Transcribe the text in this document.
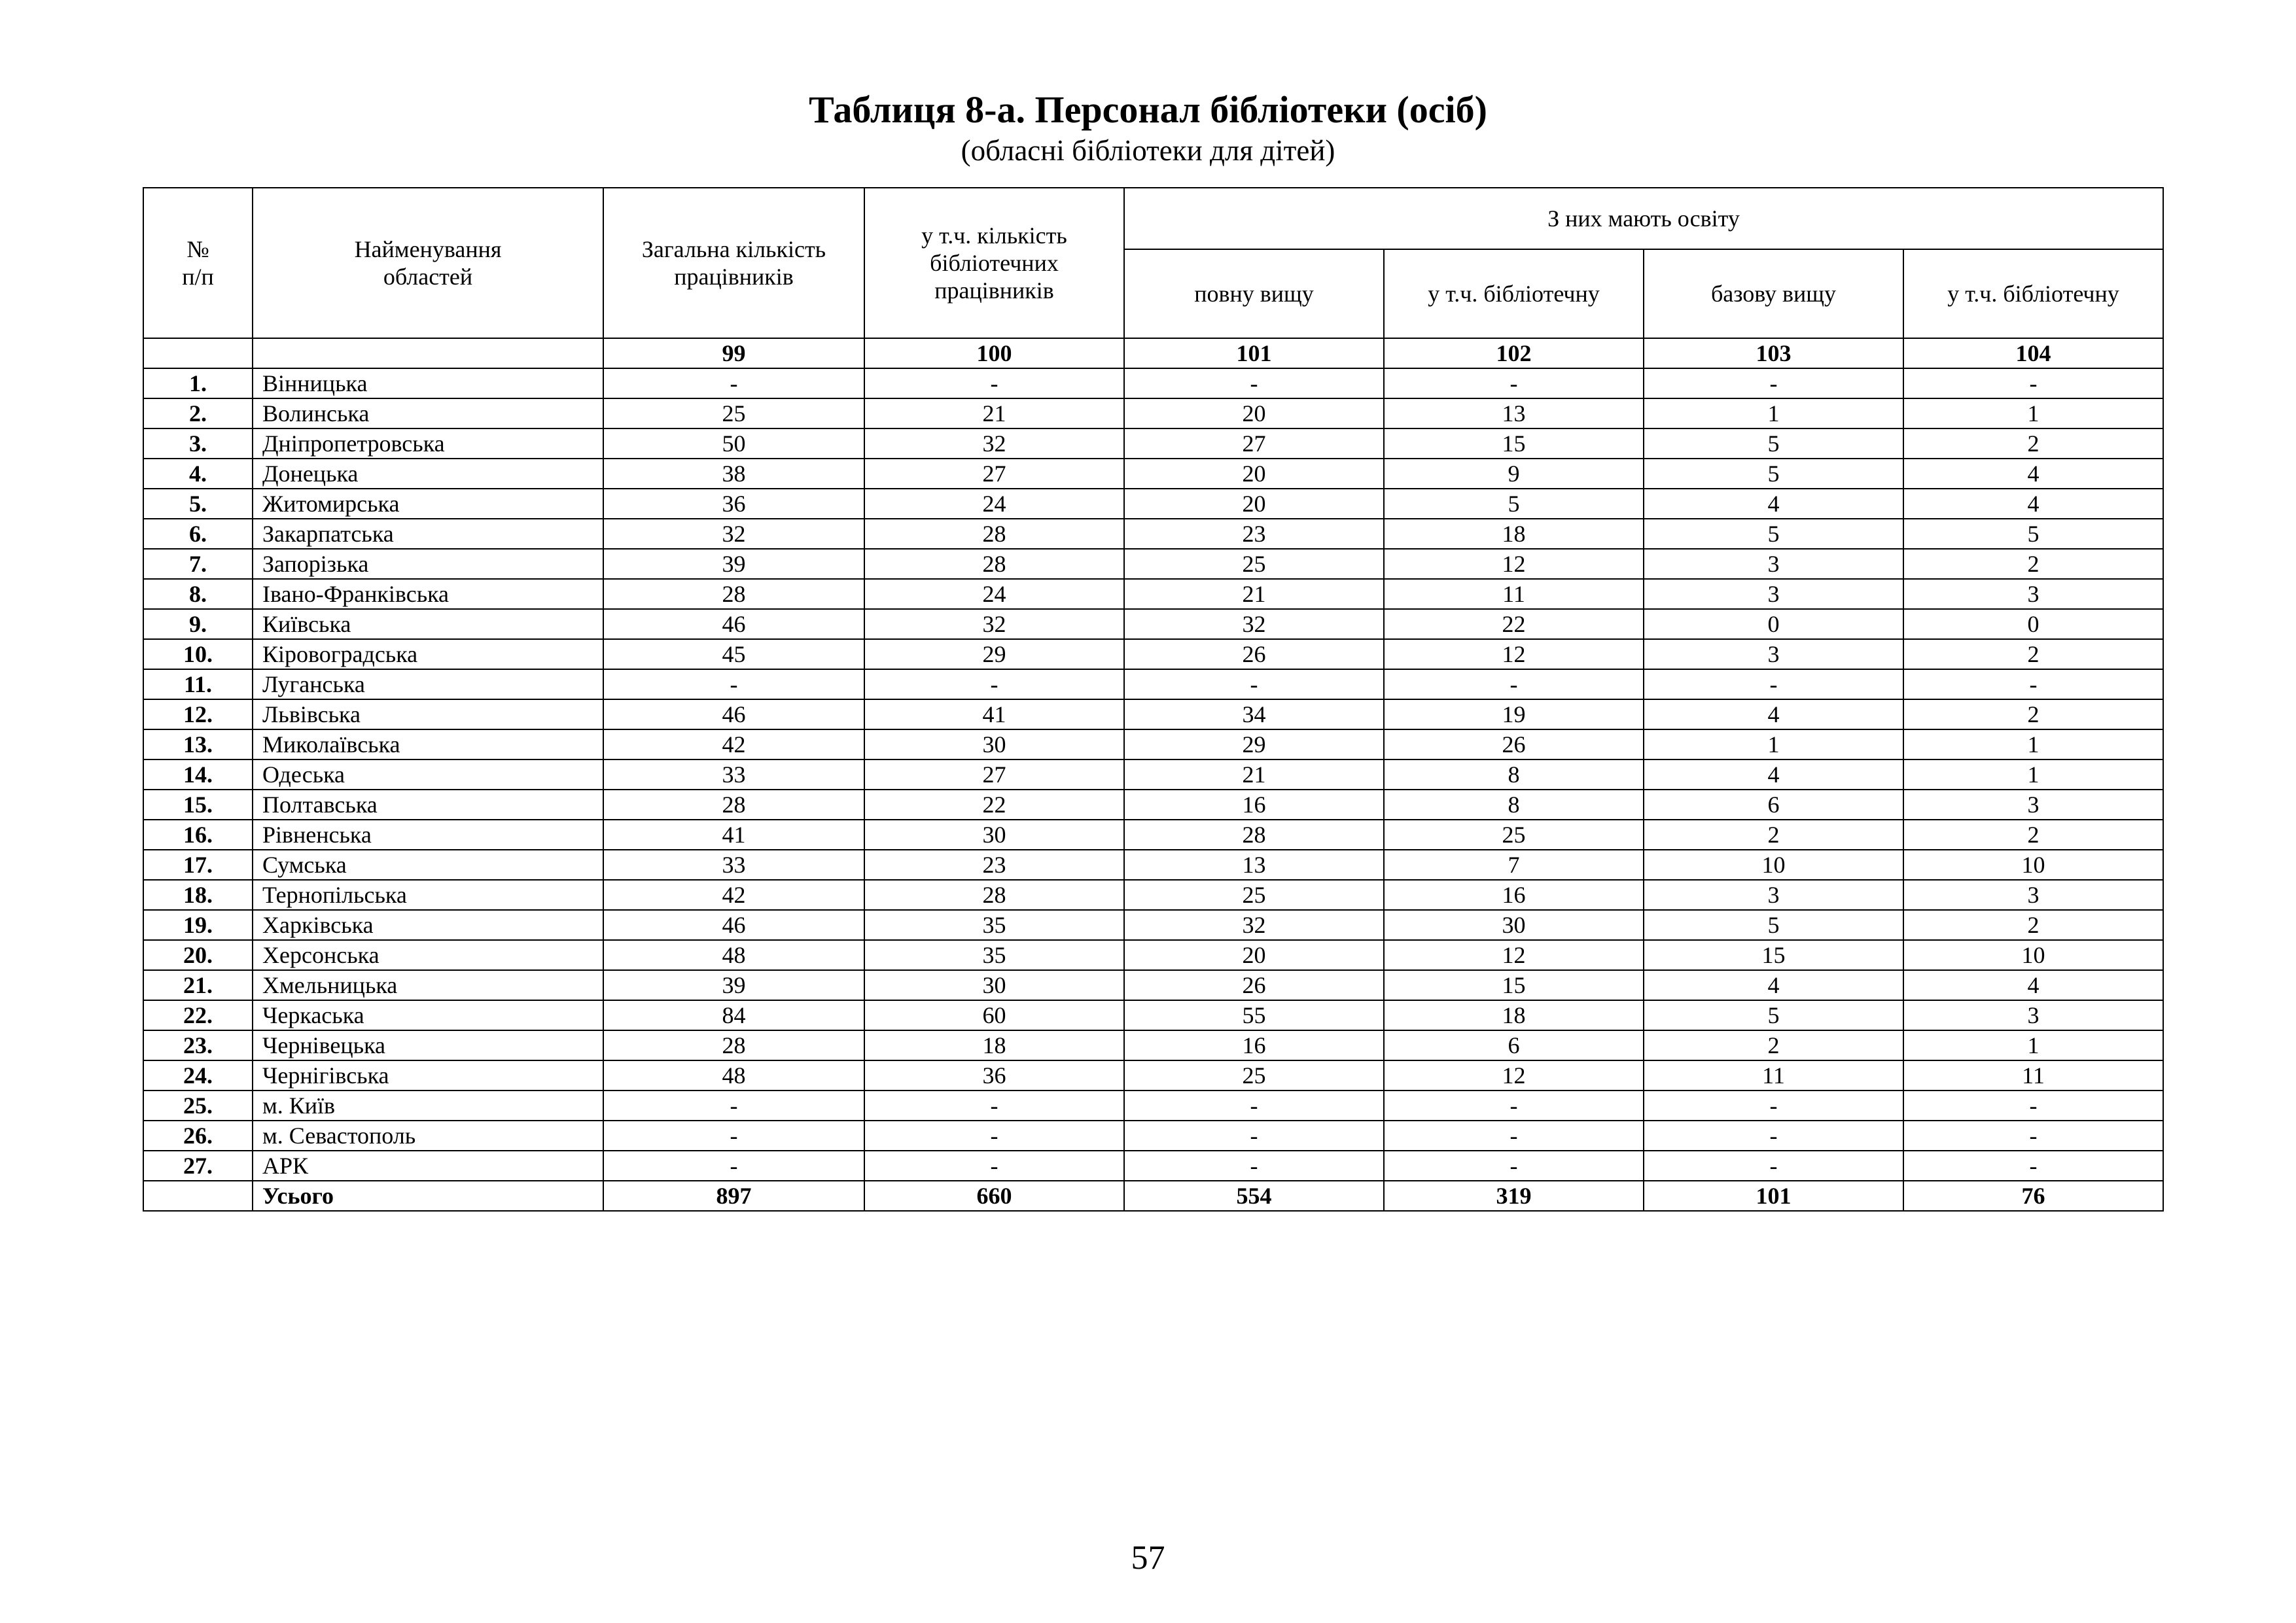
Таблиця 8-а. Персонал бібліотеки (осіб)
(обласні бібліотеки для дітей)
№ п/п	Найменування областей	Загальна кількість працівників	у т.ч. кількість бібліотечних працівників	З них мають освіту			
				повну вищу	у т.ч. бібліотечну	базову вищу	у т.ч. бібліотечну
		99	100	101	102	103	104
1.	Вінницька	-	-	-	-	-	-
2.	Волинська	25	21	20	13	1	1
3.	Дніпропетровська	50	32	27	15	5	2
4.	Донецька	38	27	20	9	5	4
5.	Житомирська	36	24	20	5	4	4
6.	Закарпатська	32	28	23	18	5	5
7.	Запорізька	39	28	25	12	3	2
8.	Івано-Франківська	28	24	21	11	3	3
9.	Київська	46	32	32	22	0	0
10.	Кіровоградська	45	29	26	12	3	2
11.	Луганська	-	-	-	-	-	-
12.	Львівська	46	41	34	19	4	2
13.	Миколаївська	42	30	29	26	1	1
14.	Одеська	33	27	21	8	4	1
15.	Полтавська	28	22	16	8	6	3
16.	Рівненська	41	30	28	25	2	2
17.	Сумська	33	23	13	7	10	10
18.	Тернопільська	42	28	25	16	3	3
19.	Харківська	46	35	32	30	5	2
20.	Херсонська	48	35	20	12	15	10
21.	Хмельницька	39	30	26	15	4	4
22.	Черкаська	84	60	55	18	5	3
23.	Чернівецька	28	18	16	6	2	1
24.	Чернігівська	48	36	25	12	11	11
25.	м. Київ	-	-	-	-	-	-
26.	м. Севастополь	-	-	-	-	-	-
27.	АРК	-	-	-	-	-	-
	Усього	897	660	554	319	101	76
57
